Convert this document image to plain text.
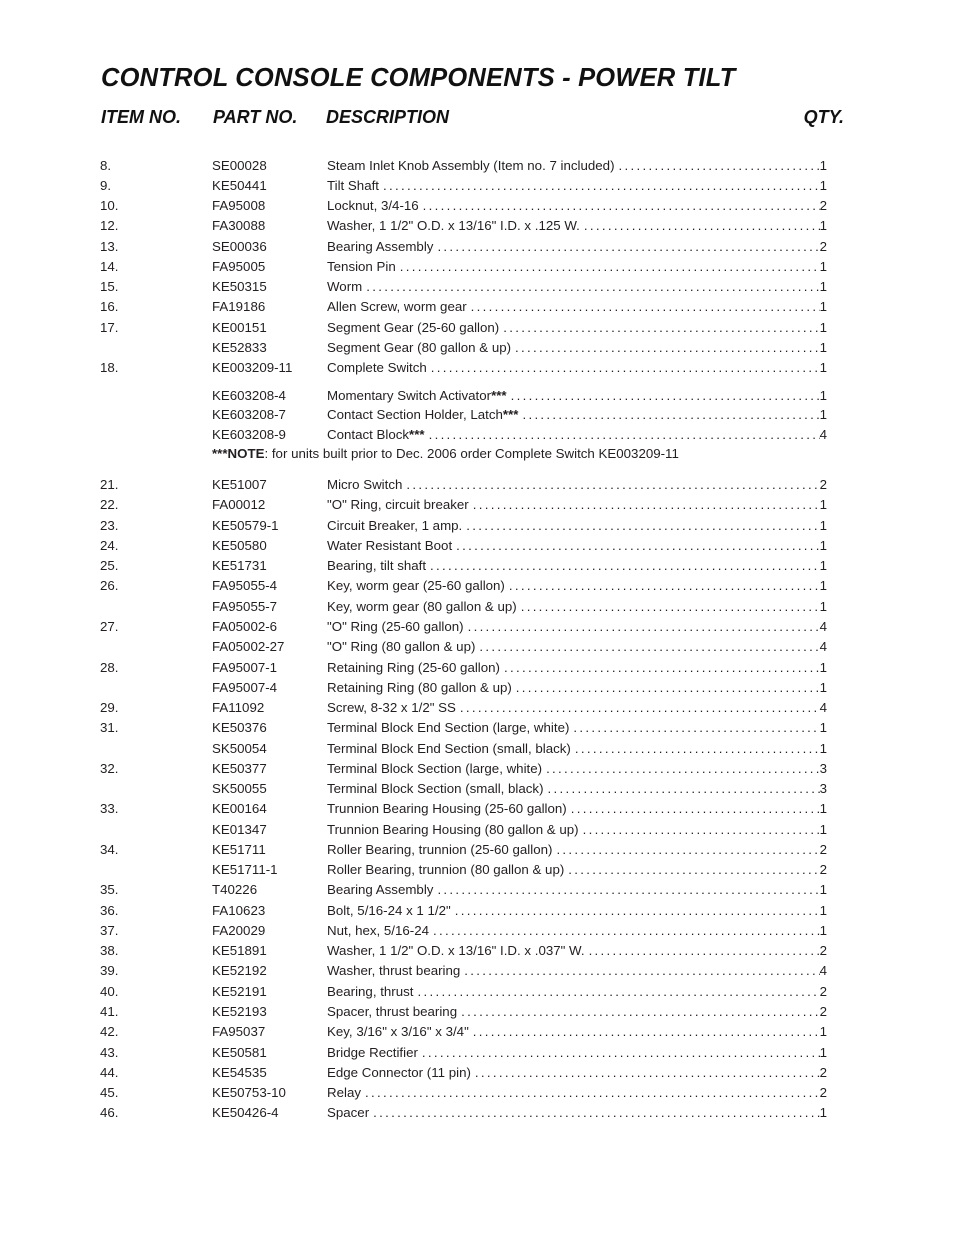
CONTROL CONSOLE COMPONENTS - POWER TILT
ITEM NO. PART NO. DESCRIPTION	QTY.
8.	SE00028	Steam Inlet Knob Assembly (Item no. 7 included) .....	1
9.	KE50441	Tilt Shaft .....	1
10.	FA95008	Locknut, 3/4-16 .....	2
12.	FA30088	Washer, 1 1/2" O.D. x 13/16" I.D. x .125 W. .....	1
13.	SE00036	Bearing Assembly .....	2
14.	FA95005	Tension Pin .....	1
15.	KE50315	Worm .....	1
16.	FA19186	Allen Screw, worm gear .....	1
17.	KE00151	Segment Gear (25-60 gallon) .....	1
KE52833	Segment Gear (80 gallon & up) .....	1
18.	KE003209-11	Complete Switch .....	1
KE603208-4	Momentary Switch Activator*** .....	1
KE603208-7	Contact Section Holder, Latch*** .....	1
KE603208-9	Contact Block*** .....	4
21.	KE51007	Micro Switch .....	2
22.	FA00012	"O" Ring, circuit breaker .....	1
23.	KE50579-1	Circuit Breaker, 1 amp. .....	1
24.	KE50580	Water Resistant Boot .....	1
25.	KE51731	Bearing, tilt shaft .....	1
26.	FA95055-4	Key, worm gear (25-60 gallon) .....	1
FA95055-7	Key, worm gear (80 gallon & up) .....	1
27.	FA05002-6	"O" Ring (25-60 gallon) .....	4
FA05002-27	"O" Ring (80 gallon & up) .....	4
28.	FA95007-1	Retaining Ring (25-60 gallon) .....	1
FA95007-4	Retaining Ring (80 gallon & up) .....	1
29.	FA11092	Screw, 8-32 x 1/2" SS .....	4
31.	KE50376	Terminal Block End Section (large, white) .....	1
SK50054	Terminal Block End Section (small, black) .....	1
32.	KE50377	Terminal Block Section (large, white) .....	3
SK50055	Terminal Block Section (small, black) .....	3
33.	KE00164	Trunnion Bearing Housing (25-60 gallon) .....	1
KE01347	Trunnion Bearing Housing (80 gallon & up) .....	1
34.	KE51711	Roller Bearing, trunnion (25-60 gallon) .....	2
KE51711-1	Roller Bearing, trunnion (80 gallon & up) .....	2
35.	T40226	Bearing Assembly .....	1
36.	FA10623	Bolt, 5/16-24 x 1 1/2" .....	1
37.	FA20029	Nut, hex, 5/16-24 .....	1
38.	KE51891	Washer, 1 1/2" O.D. x 13/16" I.D. x .037" W. .....	2
39.	KE52192	Washer, thrust bearing .....	4
40.	KE52191	Bearing, thrust .....	2
41.	KE52193	Spacer, thrust bearing .....	2
42.	FA95037	Key, 3/16" x 3/16" x 3/4" .....	1
43.	KE50581	Bridge Rectifier .....	1
44.	KE54535	Edge Connector (11 pin) .....	2
45.	KE50753-10	Relay .....	2
46.	KE50426-4	Spacer .....	1
***NOTE: for units built prior to Dec. 2006 order Complete Switch KE003209-11
